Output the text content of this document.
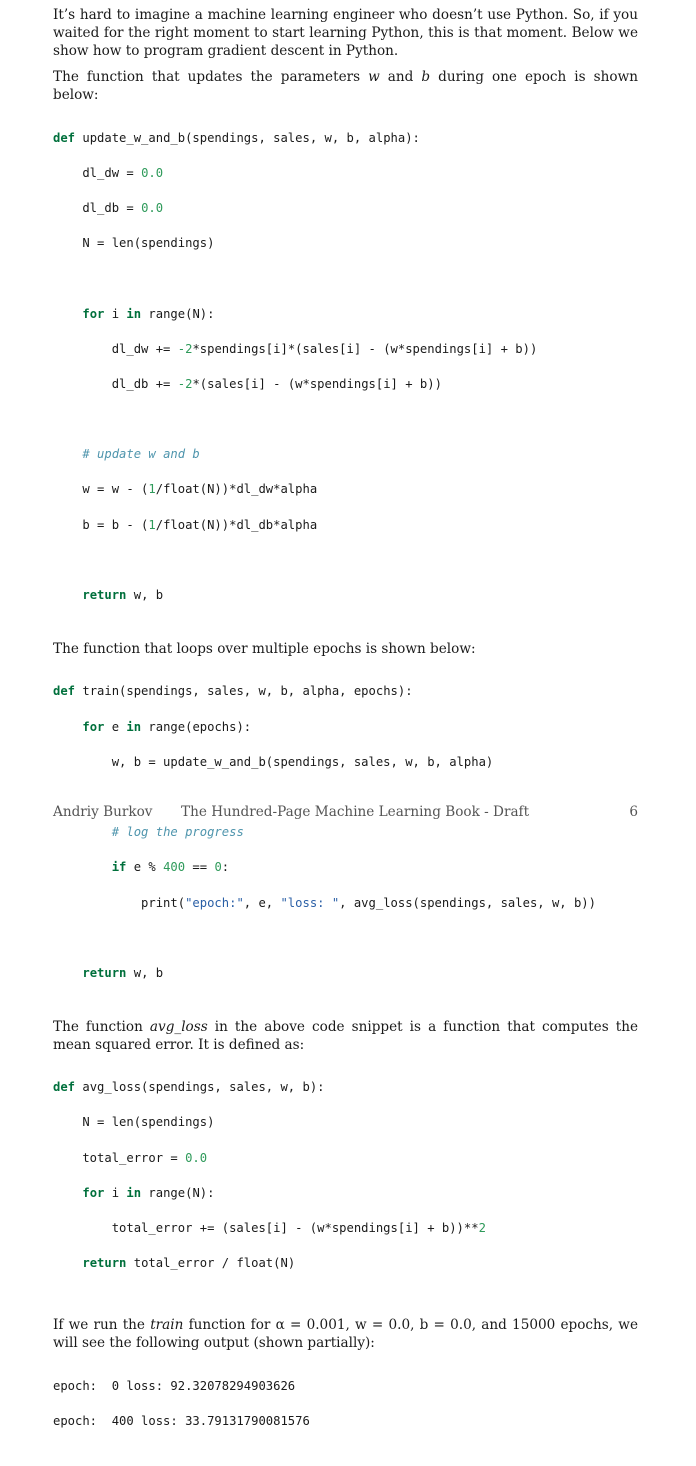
It’s hard to imagine a machine learning engineer who doesn’t use Python. So, if you waited for the right moment to start learning Python, this is that moment. Below we show how to program gradient descent in Python.

The function that updates the parameters w and b during one epoch is shown below:

def update_w_and_b(spendings, sales, w, b, alpha):

dl_dw = 0.0

dl_db = 0.0

N = len(spendings)

for i in range(N):

dl_dw += -2*spendings[i]*(sales[i] - (w*spendings[i] + b))

dl_db += -2*(sales[i] - (w*spendings[i] + b))

# update w and b

w = w - (1/float(N))*dl_dw*alpha

b = b - (1/float(N))*dl_db*alpha

return w, b

The function that loops over multiple epochs is shown below:

def train(spendings, sales, w, b, alpha, epochs):

for e in range(epochs):

w, b = update_w_and_b(spendings, sales, w, b, alpha)

# log the progress

if e % 400 == 0:

print("epoch:", e, "loss: ", avg_loss(spendings, sales, w, b))

return w, b

The function avg_loss in the above code snippet is a function that computes the mean squared error. It is defined as:

def avg_loss(spendings, sales, w, b):

N = len(spendings)

total_error = 0.0

for i in range(N):

total_error += (sales[i] - (w*spendings[i] + b))**2

return total_error / float(N)

If we run the train function for α = 0.001, w = 0.0, b = 0.0, and 15000 epochs, we will see the following output (shown partially):

epoch:  0 loss: 92.32078294903626

epoch:  400 loss: 33.79131790081576

Andriy Burkov The Hundred-Page Machine Learning Book - Draft	6
